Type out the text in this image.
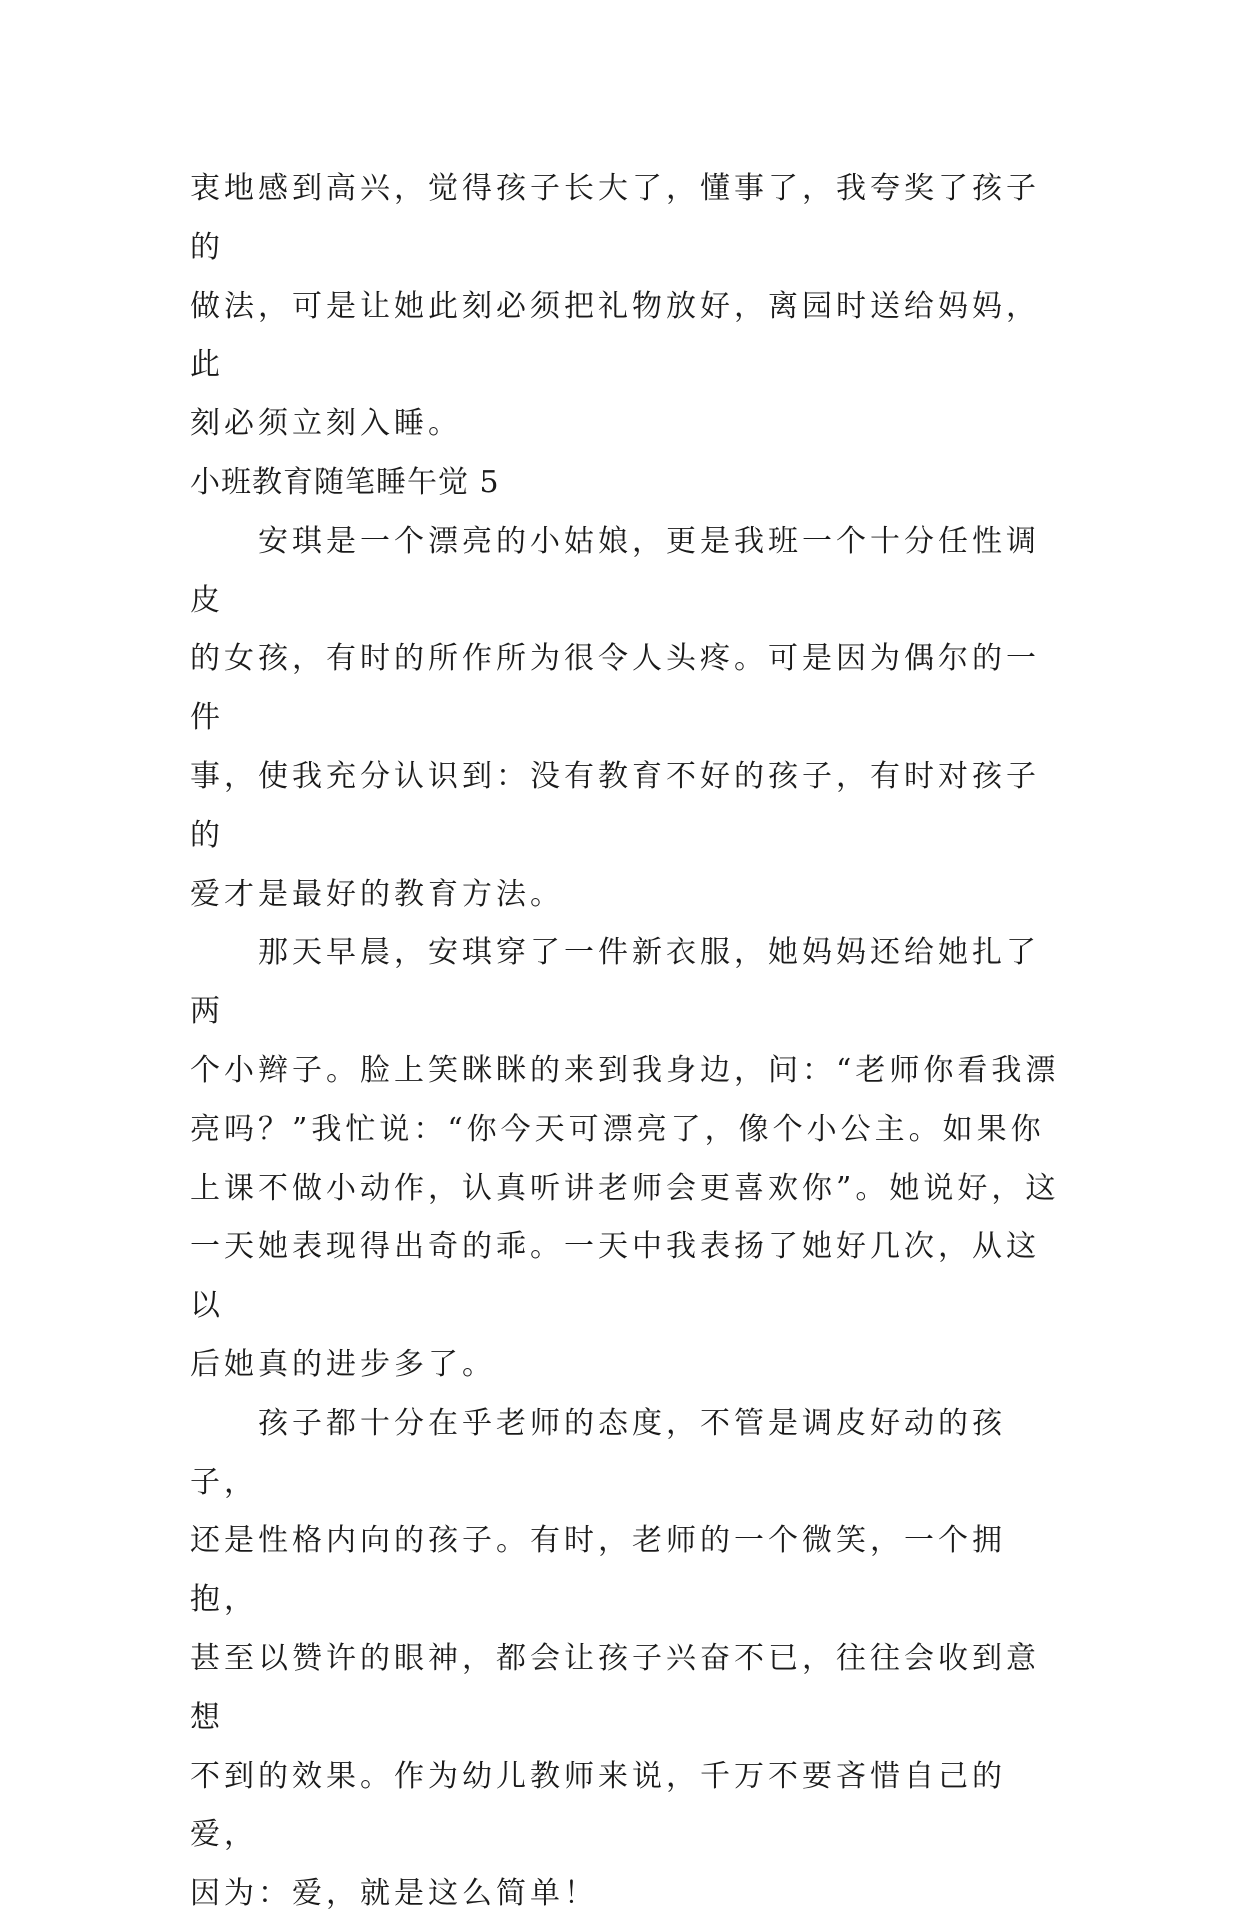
衷地感到高兴，觉得孩子长大了，懂事了，我夸奖了孩子的
做法，可是让她此刻必须把礼物放好，离园时送给妈妈，此
刻必须立刻入睡。

小班教育随笔睡午觉 5

安琪是一个漂亮的小姑娘，更是我班一个十分任性调皮
的女孩，有时的所作所为很令人头疼。可是因为偶尔的一件
事，使我充分认识到：没有教育不好的孩子，有时对孩子的
爱才是最好的教育方法。

那天早晨，安琪穿了一件新衣服，她妈妈还给她扎了两
个小辫子。脸上笑眯眯的来到我身边，问：“老师你看我漂
亮吗？”我忙说：“你今天可漂亮了，像个小公主。如果你
上课不做小动作，认真听讲老师会更喜欢你”。她说好，这
一天她表现得出奇的乖。一天中我表扬了她好几次，从这以
后她真的进步多了。

孩子都十分在乎老师的态度，不管是调皮好动的孩子，
还是性格内向的孩子。有时，老师的一个微笑，一个拥抱，
甚至以赞许的眼神，都会让孩子兴奋不已，往往会收到意想
不到的效果。作为幼儿教师来说，千万不要吝惜自己的爱，
因为：爱，就是这么简单！
